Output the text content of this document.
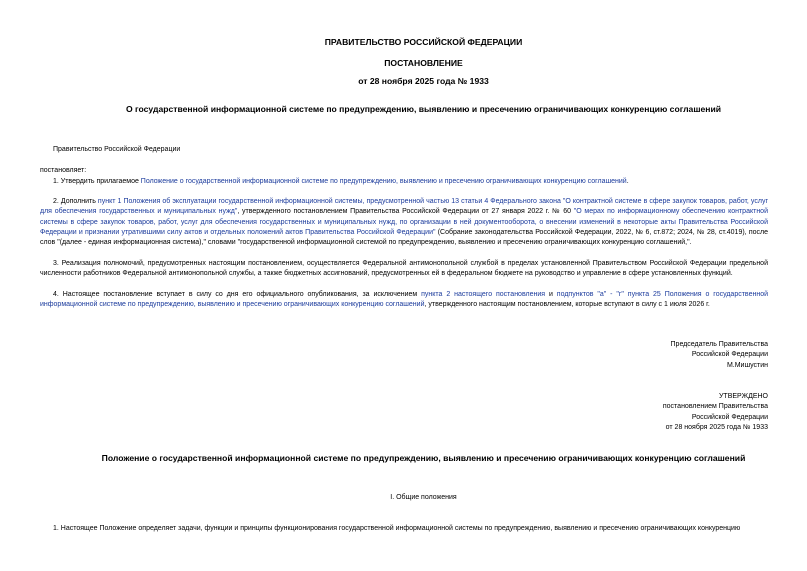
ПРАВИТЕЛЬСТВО РОССИЙСКОЙ ФЕДЕРАЦИИ
ПОСТАНОВЛЕНИЕ
от 28 ноября 2025 года № 1933
О государственной информационной системе по предупреждению, выявлению и пресечению ограничивающих конкуренцию соглашений
Правительство Российской Федерации
постановляет:
1. Утвердить прилагаемое Положение о государственной информационной системе по предупреждению, выявлению и пресечению ограничивающих конкуренцию соглашений.
2. Дополнить пункт 1 Положения об эксплуатации государственной информационной системы, предусмотренной частью 13 статьи 4 Федерального закона "О контрактной системе в сфере закупок товаров, работ, услуг для обеспечения государственных и муниципальных нужд", утвержденного постановлением Правительства Российской Федерации от 27 января 2022 г. № 60 "О мерах по информационному обеспечению контрактной системы в сфере закупок товаров, работ, услуг для обеспечения государственных и муниципальных нужд, по организации в ней документооборота, о внесении изменений в некоторые акты Правительства Российской Федерации и признании утратившими силу актов и отдельных положений актов Правительства Российской Федерации" (Собрание законодательства Российской Федерации, 2022, № 6, ст.872; 2024, № 28, ст.4019), после слов "(далее - единая информационная система)," словами "государственной информационной системой по предупреждению, выявлению и пресечению ограничивающих конкуренцию соглашений,".
3. Реализация полномочий, предусмотренных настоящим постановлением, осуществляется Федеральной антимонопольной службой в пределах установленной Правительством Российской Федерации предельной численности работников Федеральной антимонопольной службы, а также бюджетных ассигнований, предусмотренных ей в федеральном бюджете на руководство и управление в сфере установленных функций.
4. Настоящее постановление вступает в силу со дня его официального опубликования, за исключением пункта 2 настоящего постановления и подпунктов "а" - "г" пункта 25 Положения о государственной информационной системе по предупреждению, выявлению и пресечению ограничивающих конкуренцию соглашений, утвержденного настоящим постановлением, которые вступают в силу с 1 июля 2026 г.
Председатель Правительства
Российской Федерации
М.Мишустин
УТВЕРЖДЕНО
постановлением Правительства
Российской Федерации
от 28 ноября 2025 года № 1933
Положение о государственной информационной системе по предупреждению, выявлению и пресечению ограничивающих конкуренцию соглашений
I. Общие положения
1. Настоящее Положение определяет задачи, функции и принципы функционирования государственной информационной системы по предупреждению, выявлению и пресечению ограничивающих конкуренцию
